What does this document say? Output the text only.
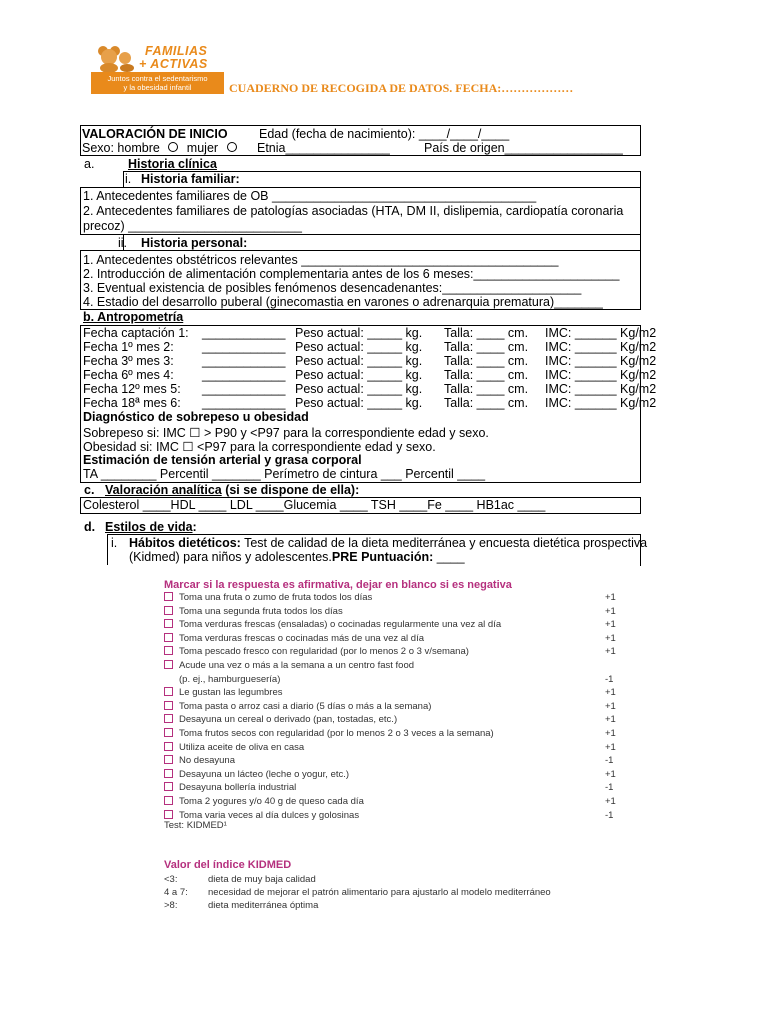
FAMILIAS
+ ACTIVAS
Juntos contra el sedentarismo
y la obesidad infantil	CUADERNO DE RECOGIDA DE DATOS. FECHA:………………
VALORACIÓN DE INICIO	Edad (fecha de nacimiento): ____/____/____
Sexo: hombre mujer	Etnia_______________	País de origen_________________
a.	Historia clínica
i. Historia familiar:
1. Antecedentes familiares de OB ______________________________________
2. Antecedentes familiares de patologías asociadas (HTA, DM II, dislipemia, cardiopatía coronaria
precoz) _________________________
ii. Historia personal:
1. Antecedentes obstétricos relevantes _____________________________________
2. Introducción de alimentación complementaria antes de los 6 meses:_____________________
3. Eventual existencia de posibles fenómenos desencadenantes:____________________
4. Estadio del desarrollo puberal (ginecomastia en varones o adrenarquia prematura)_______
b. Antropometría
Fecha captación 1: ____________ Peso actual: _____ kg. Talla: ____ cm. IMC: ______ Kg/m2
Fecha 1º mes 2: ____________ Peso actual: _____ kg. Talla: ____ cm. IMC: ______ Kg/m2
Fecha 3º mes 3: ____________ Peso actual: _____ kg. Talla: ____ cm. IMC: ______ Kg/m2
Fecha 6º mes 4: ____________ Peso actual: _____ kg. Talla: ____ cm. IMC: ______ Kg/m2
Fecha 12º mes 5: ____________ Peso actual: _____ kg. Talla: ____ cm. IMC: ______ Kg/m2
Fecha 18ª mes 6: ____________ Peso actual: _____ kg. Talla: ____ cm. IMC: ______ Kg/m2
Diagnóstico de sobrepeso u obesidad
Sobrepeso si: IMC ☐ > P90 y <P97 para la correspondiente edad y sexo.
Obesidad si: IMC ☐ <P97 para la correspondiente edad y sexo.
Estimación de tensión arterial y grasa corporal
TA ________ Percentil _______ Perímetro de cintura ___ Percentil ____
c. Valoración analítica (si se dispone de ella):
Colesterol ____HDL ____ LDL ____Glucemia ____ TSH ____Fe ____ HB1ac ____
d. Estilos de vida:
i. Hábitos dietéticos: Test de calidad de la dieta mediterránea y encuesta dietética prospectiva
(Kidmed) para niños y adolescentes.PRE Puntuación: ____
Marcar si la respuesta es afirmativa, dejar en blanco si es negativa
Toma una fruta o zumo de fruta todos los días	+1
Toma una segunda fruta todos los días	+1
Toma verduras frescas (ensaladas) o cocinadas regularmente una vez al día	+1
Toma verduras frescas o cocinadas más de una vez al día	+1
Toma pescado fresco con regularidad (por lo menos 2 o 3 v/semana)	+1
Acude una vez o más a la semana a un centro fast food
(p. ej., hamburguesería)	-1
Le gustan las legumbres	+1
Toma pasta o arroz casi a diario (5 días o más a la semana)	+1
Desayuna un cereal o derivado (pan, tostadas, etc.)	+1
Toma frutos secos con regularidad (por lo menos 2 o 3 veces a la semana)	+1
Utiliza aceite de oliva en casa	+1
No desayuna	-1
Desayuna un lácteo (leche o yogur, etc.)	+1
Desayuna bollería industrial	-1
Toma 2 yogures y/o 40 g de queso cada día	+1
Toma varia veces al día dulces y golosinas	-1
Test: KIDMED¹
Valor del índice KIDMED
<3:	dieta de muy baja calidad
4 a 7: necesidad de mejorar el patrón alimentario para ajustarlo al modelo mediterráneo
>8:	dieta mediterránea óptima
